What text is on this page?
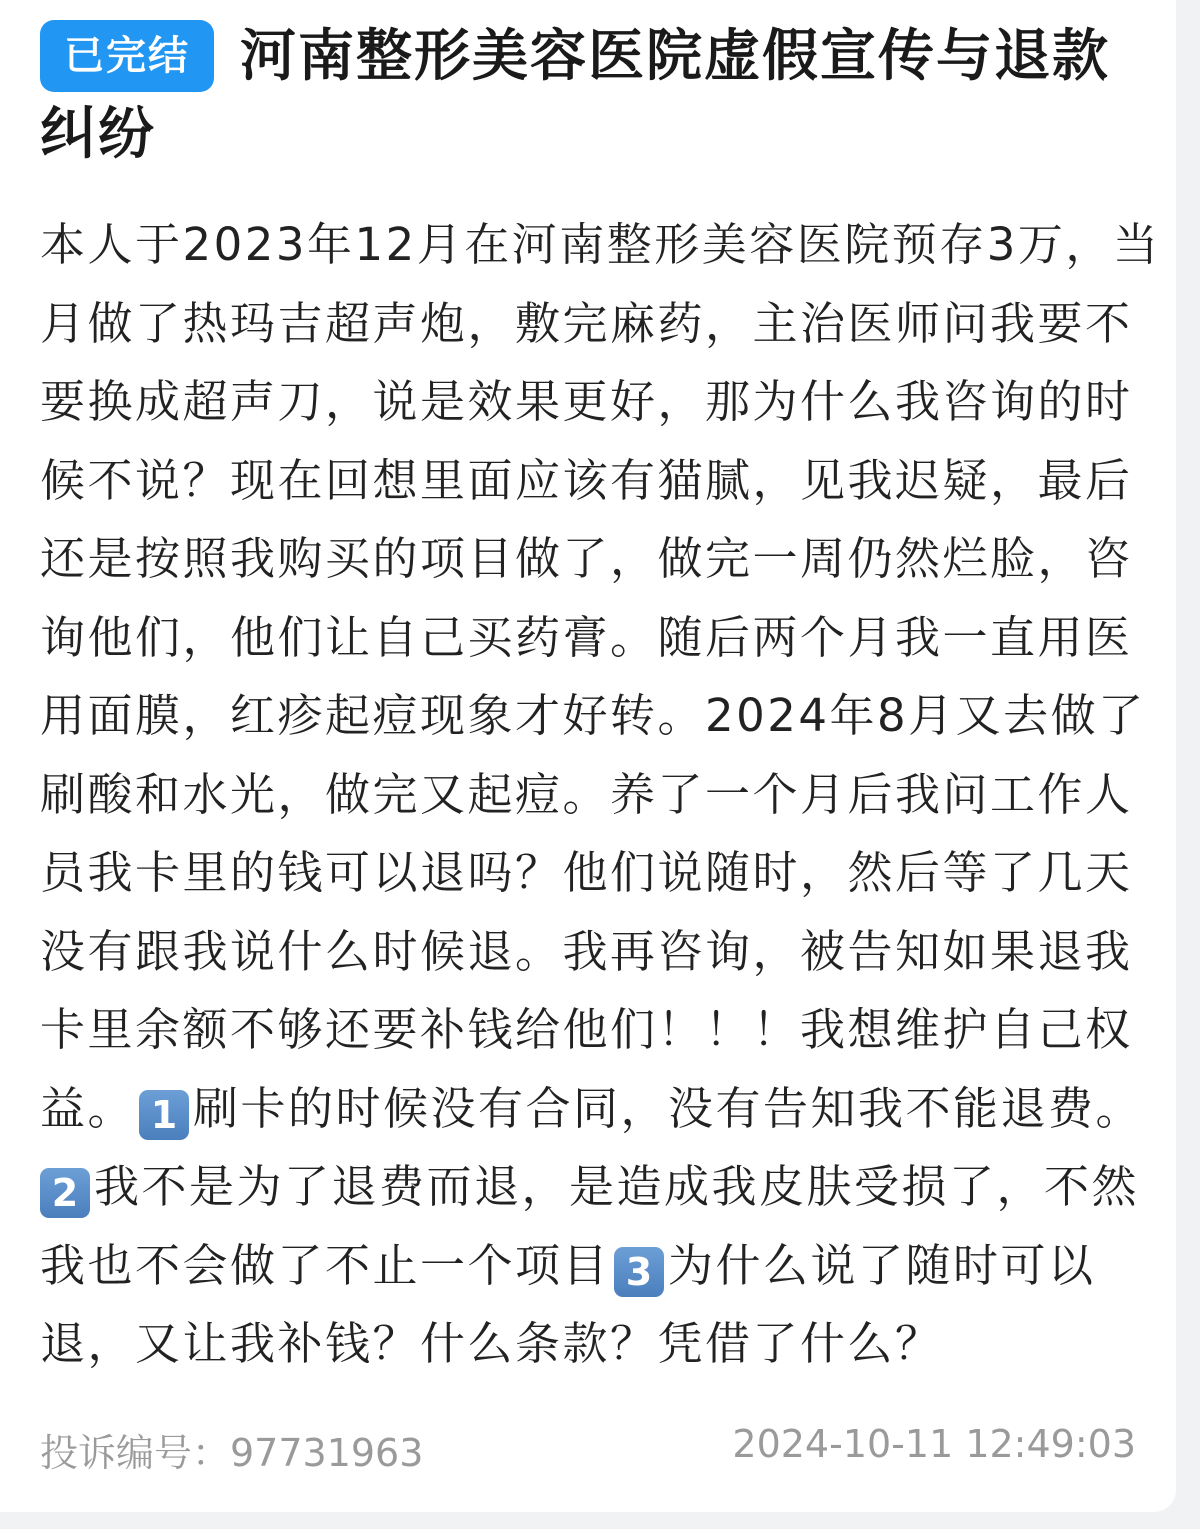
已完结 河南整形美容医院虚假宣传与退款纠纷
本人于2023年12月在河南整形美容医院预存3万，当
月做了热玛吉超声炮，敷完麻药，主治医师问我要不
要换成超声刀，说是效果更好，那为什么我咨询的时
候不说？现在回想里面应该有猫腻，见我迟疑，最后
还是按照我购买的项目做了，做完一周仍然烂脸，咨
询他们，他们让自己买药膏。随后两个月我一直用医
用面膜，红疹起痘现象才好转。2024年8月又去做了
刷酸和水光，做完又起痘。养了一个月后我问工作人
员我卡里的钱可以退吗？他们说随时，然后等了几天
没有跟我说什么时候退。我再咨询，被告知如果退我
卡里余额不够还要补钱给他们！！！我想维护自己权
益。 1 刷卡的时候没有合同，没有告知我不能退费。
2 我不是为了退费而退，是造成我皮肤受损了，不然
我也不会做了不止一个项目 3 为什么说了随时可以
退，又让我补钱？什么条款？凭借了什么？
投诉编号：97731963	2024-10-11 12:49:03
